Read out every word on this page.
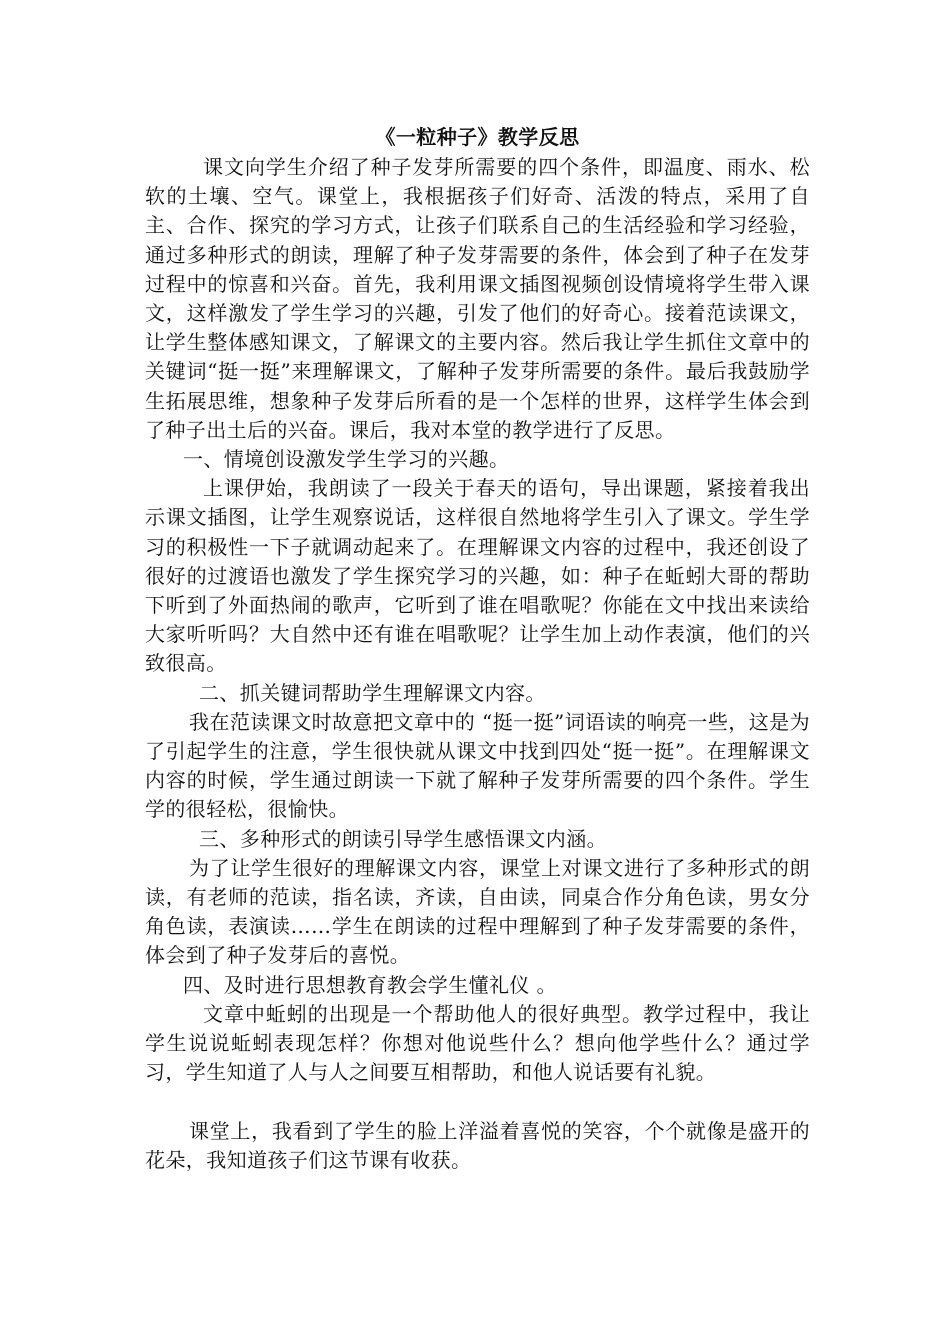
《一粒种子》教学反思

课文向学生介绍了种子发芽所需要的四个条件，即温度、雨水、松软的土壤、空气。课堂上，我根据孩子们好奇、活泼的特点，采用了自主、合作、探究的学习方式，让孩子们联系自己的生活经验和学习经验，通过多种形式的朗读，理解了种子发芽需要的条件，体会到了种子在发芽过程中的惊喜和兴奋。首先，我利用课文插图视频创设情境将学生带入课文，这样激发了学生学习的兴趣，引发了他们的好奇心。接着范读课文，让学生整体感知课文，了解课文的主要内容。然后我让学生抓住文章中的关键词“挺一挺”来理解课文，了解种子发芽所需要的条件。最后我鼓励学生拓展思维，想象种子发芽后所看的是一个怎样的世界，这样学生体会到了种子出土后的兴奋。课后，我对本堂的教学进行了反思。

一、情境创设激发学生学习的兴趣。

上课伊始，我朗读了一段关于春天的语句，导出课题，紧接着我出示课文插图，让学生观察说话，这样很自然地将学生引入了课文。学生学习的积极性一下子就调动起来了。在理解课文内容的过程中，我还创设了很好的过渡语也激发了学生探究学习的兴趣，如：种子在蚯蚓大哥的帮助下听到了外面热闹的歌声，它听到了谁在唱歌呢？你能在文中找出来读给大家听听吗？大自然中还有谁在唱歌呢？让学生加上动作表演，他们的兴致很高。

二、抓关键词帮助学生理解课文内容。

我在范读课文时故意把文章中的 “挺一挺”词语读的响亮一些，这是为了引起学生的注意，学生很快就从课文中找到四处“挺一挺”。在理解课文内容的时候，学生通过朗读一下就了解种子发芽所需要的四个条件。学生学的很轻松，很愉快。

三、多种形式的朗读引导学生感悟课文内涵。

为了让学生很好的理解课文内容，课堂上对课文进行了多种形式的朗读，有老师的范读，指名读，齐读，自由读，同桌合作分角色读，男女分角色读，表演读……学生在朗读的过程中理解到了种子发芽需要的条件，体会到了种子发芽后的喜悦。

四、及时进行思想教育教会学生懂礼仪 。

文章中蚯蚓的出现是一个帮助他人的很好典型。教学过程中，我让学生说说蚯蚓表现怎样？你想对他说些什么？想向他学些什么？通过学习，学生知道了人与人之间要互相帮助，和他人说话要有礼貌。

课堂上，我看到了学生的脸上洋溢着喜悦的笑容，个个就像是盛开的花朵，我知道孩子们这节课有收获。
